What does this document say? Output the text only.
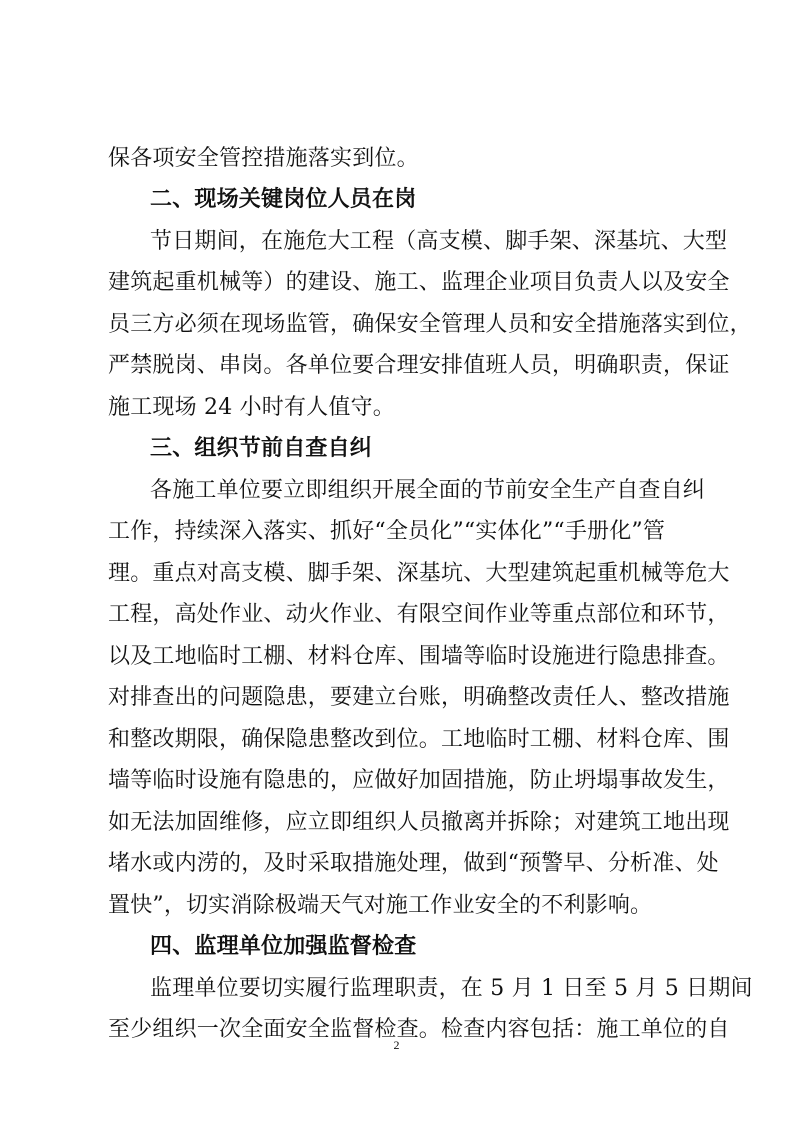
保各项安全管控措施落实到位。
二、现场关键岗位人员在岗
节日期间，在施危大工程（高支模、脚手架、深基坑、大型
建筑起重机械等）的建设、施工、监理企业项目负责人以及安全
员三方必须在现场监管，确保安全管理人员和安全措施落实到位，
严禁脱岗、串岗。各单位要合理安排值班人员，明确职责，保证
施工现场 24 小时有人值守。
三、组织节前自查自纠
各施工单位要立即组织开展全面的节前安全生产自查自纠
工作，持续深入落实、抓好“全员化”“实体化”“手册化”管
理。重点对高支模、脚手架、深基坑、大型建筑起重机械等危大
工程，高处作业、动火作业、有限空间作业等重点部位和环节，
以及工地临时工棚、材料仓库、围墙等临时设施进行隐患排查。
对排查出的问题隐患，要建立台账，明确整改责任人、整改措施
和整改期限，确保隐患整改到位。工地临时工棚、材料仓库、围
墙等临时设施有隐患的，应做好加固措施，防止坍塌事故发生，
如无法加固维修，应立即组织人员撤离并拆除；对建筑工地出现
堵水或内涝的，及时采取措施处理，做到“预警早、分析准、处
置快”，切实消除极端天气对施工作业安全的不利影响。
四、监理单位加强监督检查
监理单位要切实履行监理职责，在 5 月 1 日至 5 月 5 日期间
至少组织一次全面安全监督检查。检查内容包括：施工单位的自
2
